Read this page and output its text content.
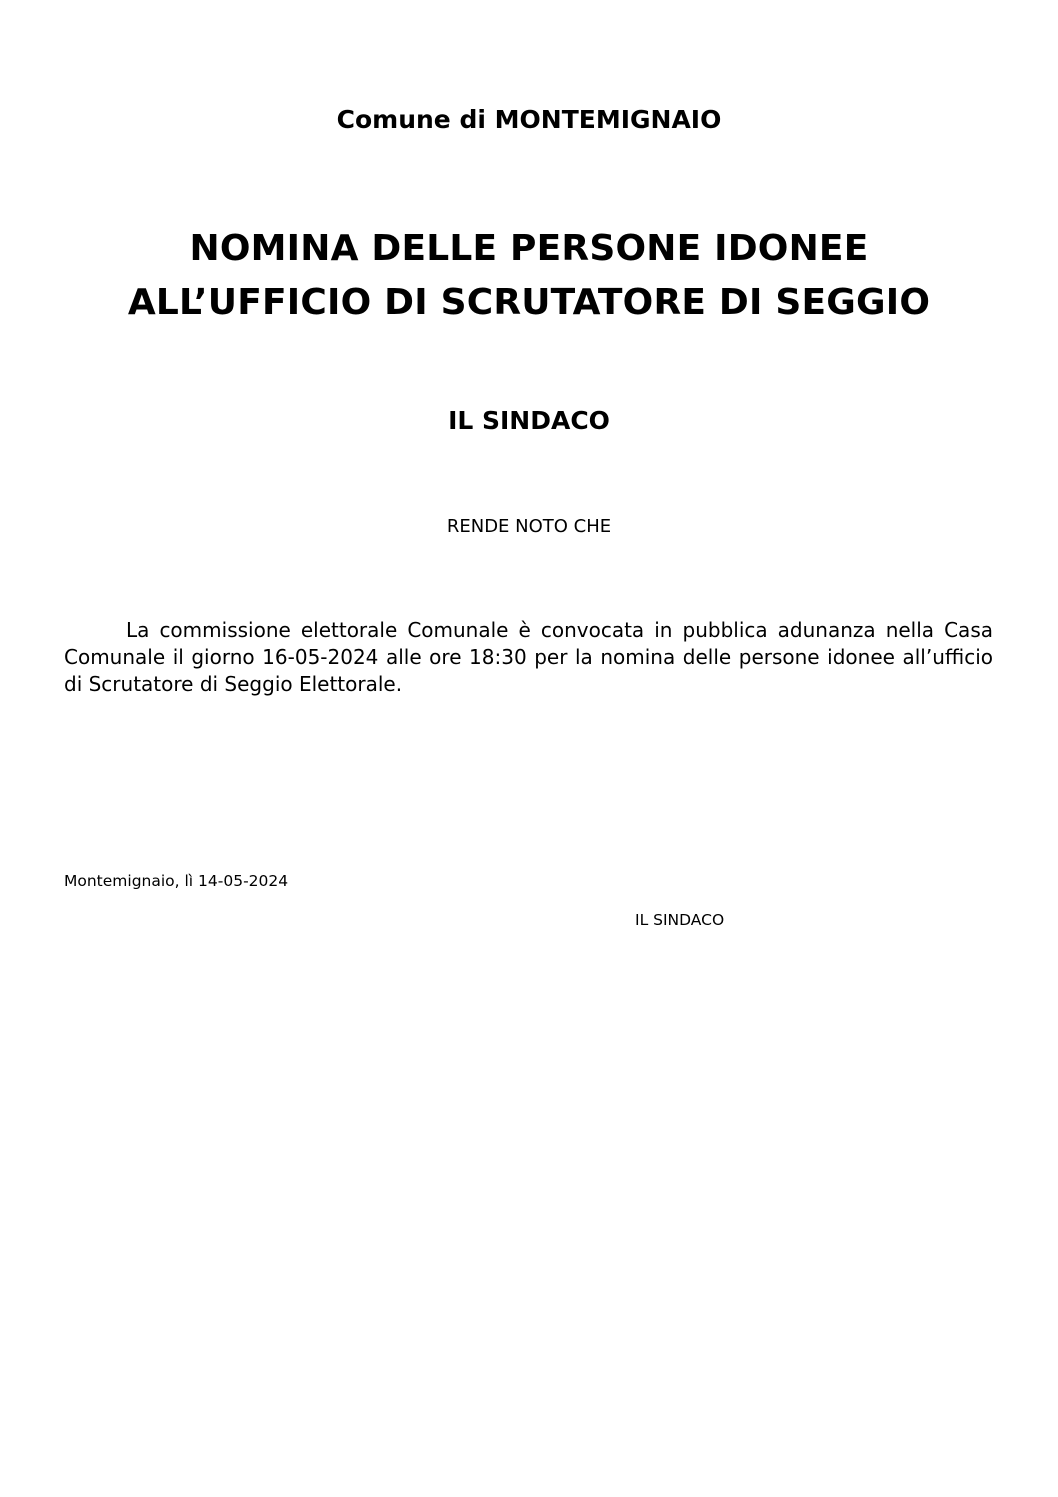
Comune di MONTEMIGNAIO
NOMINA DELLE PERSONE IDONEE
ALL’UFFICIO DI SCRUTATORE DI SEGGIO
IL SINDACO

RENDE NOTO CHE

La commissione elettorale Comunale è convocata in pubblica adunanza nella Casa Comunale il giorno 16-05-2024 alle ore 18:30 per la nomina delle persone idonee all’ufficio di Scrutatore di Seggio Elettorale.

Montemignaio, lì 14-05-2024

IL SINDACO
